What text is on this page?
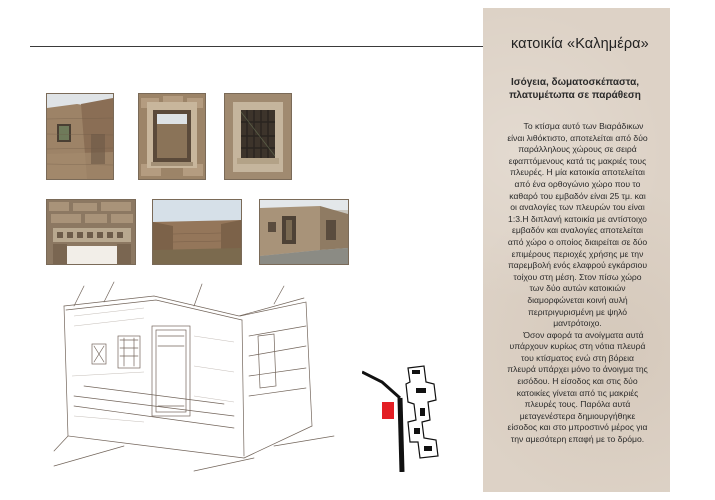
κατοικία «Καλημέρα»
Ισόγεια, δωματοσκέπαστα,
πλατυμέτωπα σε παράθεση
Το κτίσμα αυτό των Βιαράδικων
είναι λιθόκτιστο, αποτελείται από δύο
παράλληλους χώρους σε σειρά
εφαπτόμενους κατά τις μακριές τους
πλευρές. Η μία κατοικία αποτελείται
από ένα ορθογώνιο χώρο που το
καθαρό του εμβαδόν είναι 25 τμ. και
οι αναλογίες των πλευρών του είναι
1:3.Η διπλανή κατοικία με αντίστοιχο
εμβαδόν και αναλογίες αποτελείται
από χώρο ο οποίος διαιρείται σε δύο
επιμέρους περιοχές χρήσης με την
παρεμβολή ενός ελαφρού εγκάρσιου
τοίχου στη μέση. Στον πίσω χώρο
των δύο αυτών κατοικιών
διαμορφώνεται κοινή αυλή
περιτριγυρισμένη με ψηλό
μαντρότοιχο.
Όσον αφορά τα ανοίγματα αυτά
υπάρχουν κυρίως στη νότια πλευρά
του κτίσματος ενώ στη βόρεια
πλευρά υπάρχει μόνο το άνοιγμα της
εισόδου. Η είσοδος και στις δύο
κατοικίες γίνεται από τις μακριές
πλευρές τους. Παρόλα αυτά
μεταγενέστερα δημιουργήθηκε
είσοδος και στο μπροστινό μέρος για
την αμεσότερη επαφή με το δρόμο.
